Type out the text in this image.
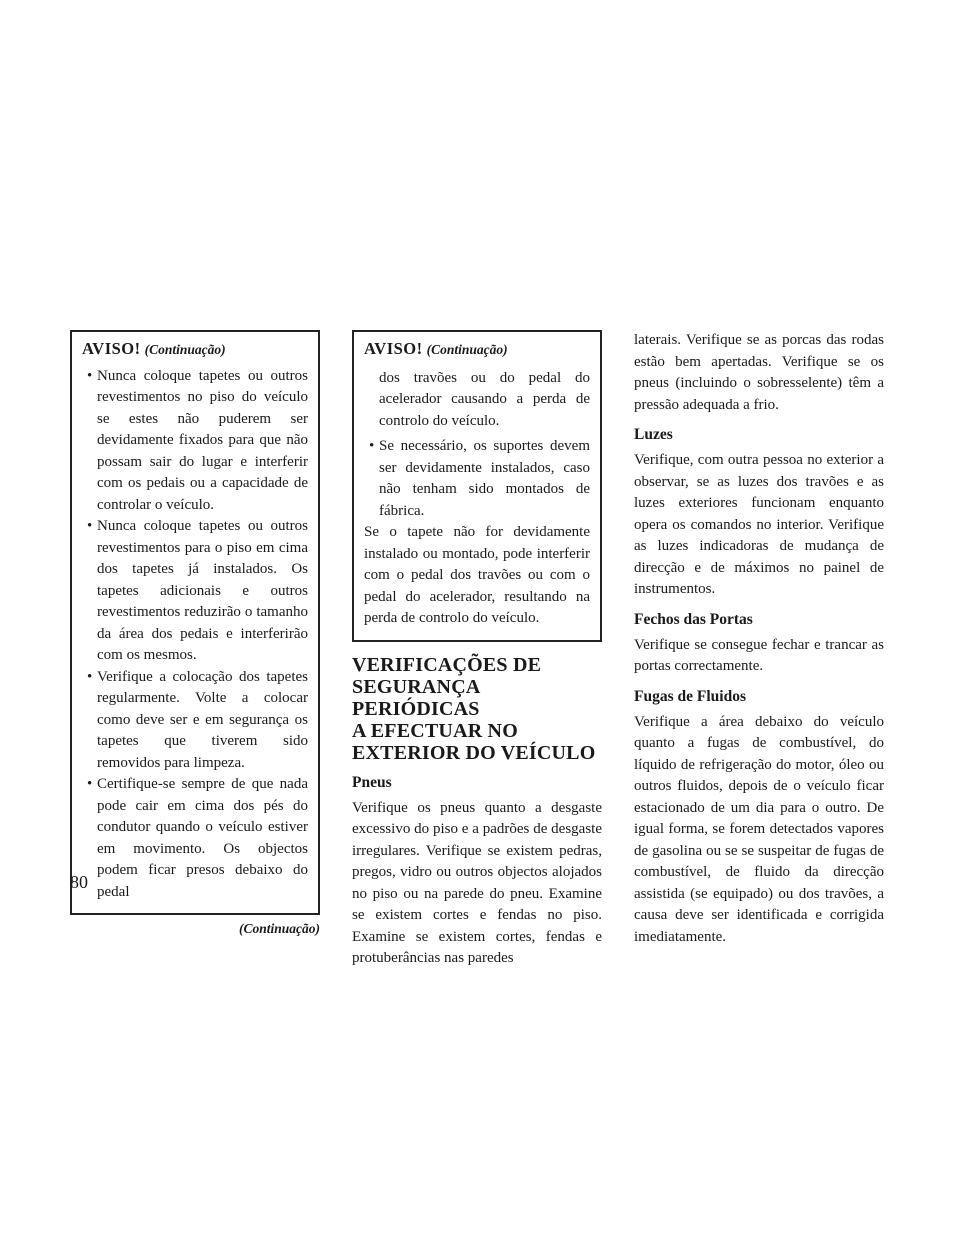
AVISO! (Continuação)
• Nunca coloque tapetes ou outros revestimentos no piso do veículo se estes não puderem ser devidamente fixados para que não possam sair do lugar e interferir com os pedais ou a capacidade de controlar o veículo.
• Nunca coloque tapetes ou outros revestimentos para o piso em cima dos tapetes já instalados. Os tapetes adicionais e outros revestimentos reduzirão o tamanho da área dos pedais e interferirão com os mesmos.
• Verifique a colocação dos tapetes regularmente. Volte a colocar como deve ser e em segurança os tapetes que tiverem sido removidos para limpeza.
• Certifique-se sempre de que nada pode cair em cima dos pés do condutor quando o veículo estiver em movimento. Os objectos podem ficar presos debaixo do pedal
(Continuação)
AVISO! (Continuação)

dos travões ou do pedal do acelerador causando a perda de controlo do veículo.

• Se necessário, os suportes devem ser devidamente instalados, caso não tenham sido montados de fábrica.

Se o tapete não for devidamente instalado ou montado, pode interferir com o pedal dos travões ou com o pedal do acelerador, resultando na perda de controlo do veículo.

VERIFICAÇÕES DE
SEGURANÇA PERIÓDICAS
A EFECTUAR NO
EXTERIOR DO VEÍCULO
Pneus

Verifique os pneus quanto a desgaste excessivo do piso e a padrões de desgaste irregulares. Verifique se existem pedras, pregos, vidro ou outros objectos alojados no piso ou na parede do pneu. Examine se existem cortes e fendas no piso. Examine se existem cortes, fendas e protuberâncias nas paredes

laterais. Verifique se as porcas das rodas estão bem apertadas. Verifique se os pneus (incluindo o sobresselente) têm a pressão adequada a frio.

Luzes

Verifique, com outra pessoa no exterior a observar, se as luzes dos travões e as luzes exteriores funcionam enquanto opera os comandos no interior. Verifique as luzes indicadoras de mudança de direcção e de máximos no painel de instrumentos.

Fechos das Portas

Verifique se consegue fechar e trancar as portas correctamente.

Fugas de Fluidos

Verifique a área debaixo do veículo quanto a fugas de combustível, do líquido de refrigeração do motor, óleo ou outros fluidos, depois de o veículo ficar estacionado de um dia para o outro. De igual forma, se forem detectados vapores de gasolina ou se se suspeitar de fugas de combustível, de fluido da direcção assistida (se equipado) ou dos travões, a causa deve ser identificada e corrigida imediatamente.

80
